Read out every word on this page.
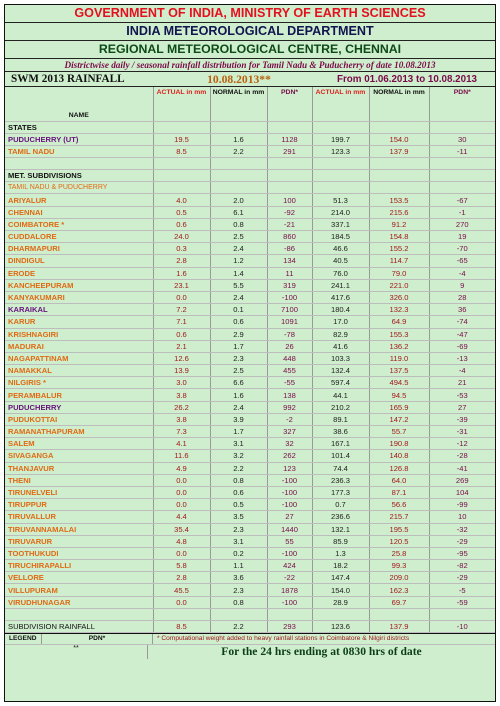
GOVERNMENT OF INDIA, MINISTRY OF EARTH SCIENCES
INDIA METEOROLOGICAL DEPARTMENT
REGIONAL METEOROLOGICAL CENTRE, CHENNAI
Districtwise daily / seasonal rainfall distribution for Tamil Nadu & Puducherry of date 10.08.2013
SWM 2013 RAINFALL	10.08.2013**	From 01.06.2013 to 10.08.2013
NAME	ACTUAL in mm	NORMAL in mm	PDN*	ACTUAL in mm	NORMAL in mm	PDN*
STATES						
PUDUCHERRY (UT)	19.5	1.6	1128	199.7	154.0	30
TAMIL NADU	8.5	2.2	291	123.3	137.9	-11

MET. SUBDIVISIONS						
TAMIL NADU & PUDUCHERRY						
ARIYALUR	4.0	2.0	100	51.3	153.5	-67
CHENNAI	0.5	6.1	-92	214.0	215.6	-1
COIMBATORE *	0.6	0.8	-21	337.1	91.2	270
CUDDALORE	24.0	2.5	860	184.5	154.8	19
DHARMAPURI	0.3	2.4	-86	46.6	155.2	-70
DINDIGUL	2.8	1.2	134	40.5	114.7	-65
ERODE	1.6	1.4	11	76.0	79.0	-4
KANCHEEPURAM	23.1	5.5	319	241.1	221.0	9
KANYAKUMARI	0.0	2.4	-100	417.6	326.0	28
KARAIKAL	7.2	0.1	7100	180.4	132.3	36
KARUR	7.1	0.6	1091	17.0	64.9	-74
KRISHNAGIRI	0.6	2.9	-78	82.9	155.3	-47
MADURAI	2.1	1.7	26	41.6	136.2	-69
NAGAPATTINAM	12.6	2.3	448	103.3	119.0	-13
NAMAKKAL	13.9	2.5	455	132.4	137.5	-4
NILGIRIS *	3.0	6.6	-55	597.4	494.5	21
PERAMBALUR	3.8	1.6	138	44.1	94.5	-53
PUDUCHERRY	26.2	2.4	992	210.2	165.9	27
PUDUKOTTAI	3.8	3.9	-2	89.1	147.2	-39
RAMANATHAPURAM	7.3	1.7	327	38.6	55.7	-31
SALEM	4.1	3.1	32	167.1	190.8	-12
SIVAGANGA	11.6	3.2	262	101.4	140.8	-28
THANJAVUR	4.9	2.2	123	74.4	126.8	-41
THENI	0.0	0.8	-100	236.3	64.0	269
TIRUNELVELI	0.0	0.6	-100	177.3	87.1	104
TIRUPPUR	0.0	0.5	-100	0.7	56.6	-99
TIRUVALLUR	4.4	3.5	27	236.6	215.7	10
TIRUVANNAMALAI	35.4	2.3	1440	132.1	195.5	-32
TIRUVARUR	4.8	3.1	55	85.9	120.5	-29
TOOTHUKUDI	0.0	0.2	-100	1.3	25.8	-95
TIRUCHIRAPALLI	5.8	1.1	424	18.2	99.3	-82
VELLORE	2.8	3.6	-22	147.4	209.0	-29
VILLUPURAM	45.5	2.3	1878	154.0	162.3	-5
VIRUDHUNAGAR	0.0	0.8	-100	28.9	69.7	-59

SUBDIVISION RAINFALL	8.5	2.2	293	123.6	137.9	-10
LEGEND	PDN*	* Computational weight added to heavy rainfall stations in Coimbatore & Nilgiri districts
**	For the 24 hrs ending at 0830 hrs of date
